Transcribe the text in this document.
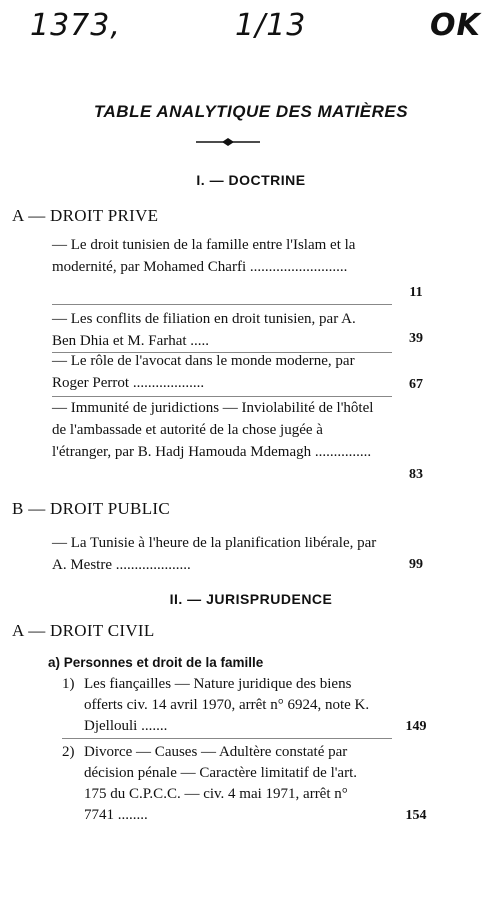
1373,	1/13	OK
TABLE ANALYTIQUE DES MATIÈRES
I. — DOCTRINE
A — DROIT PRIVE
— Le droit tunisien de la famille entre l'Islam et la modernité, par Mohamed Charfi ..........................
11
— Les conflits de filiation en droit tunisien, par A. Ben Dhia et M. Farhat .....	39
— Le rôle de l'avocat dans le monde moderne, par Roger Perrot ...................	67
— Immunité de juridictions — Inviolabilité de l'hôtel de l'ambassade et autorité de la chose jugée à l'étranger, par B. Hadj Hamouda Mdemagh ...............
83
B — DROIT PUBLIC
— La Tunisie à l'heure de la planification libérale, par A. Mestre ....................	99
II. — JURISPRUDENCE
A — DROIT CIVIL
a) Personnes et droit de la famille
1) Les fiançailles — Nature juridique des biens offerts civ. 14 avril 1970, arrêt n° 6924, note K. Djellouli .......	149
2) Divorce — Causes — Adultère constaté par décision pénale — Caractère limitatif de l'art. 175 du C.P.C.C. — civ. 4 mai 1971, arrêt n° 7741 ........	154
